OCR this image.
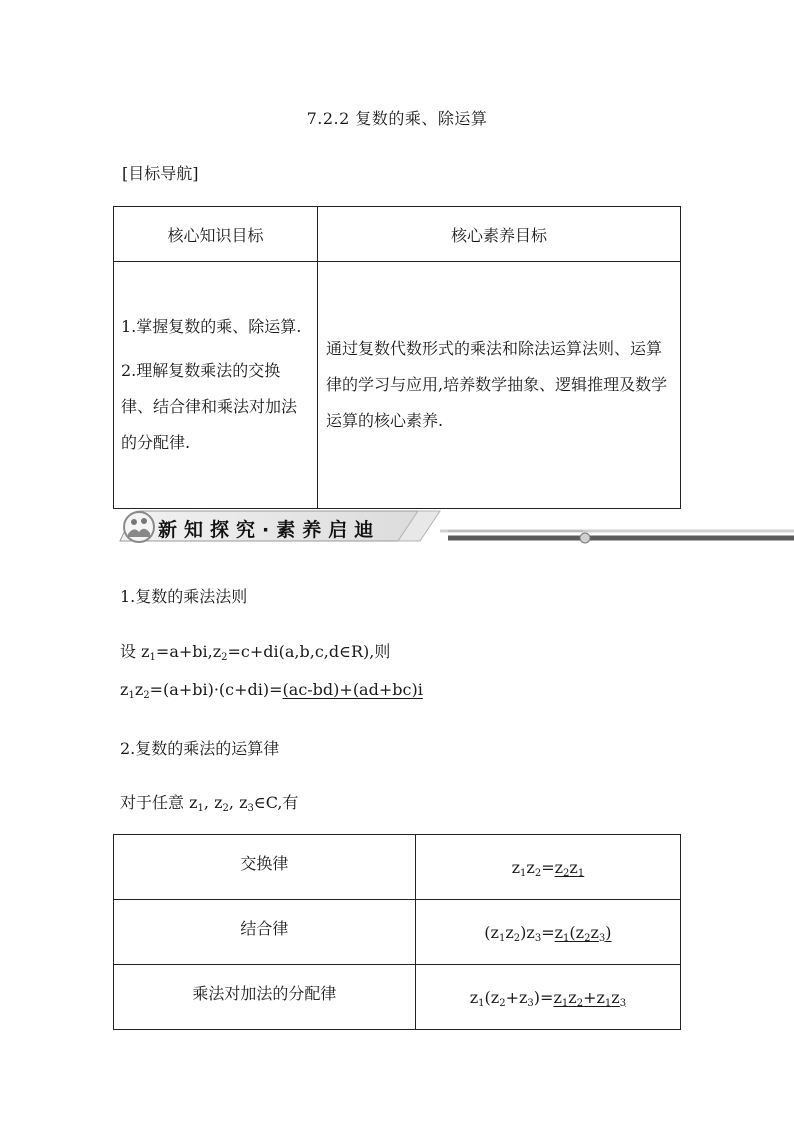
7.2.2 复数的乘、除运算
[目标导航]
核心知识目标	核心素养目标

1.掌握复数的乘、除运算.

2.理解复数乘法的交换律、结合律和乘法对加法的分配律.	通过复数代数形式的乘法和除法运算法则、运算律的学习与应用,培养数学抽象、逻辑推理及数学运算的核心素养.
新知探究·素养启迪
1.复数的乘法法则
设 $z_1=a+bi,z_2=c+di(a,b,c,d\in R)$,则
$z_1z_2=(a+bi)\cdot(c+di)=(ac-bd)+(ad+bc)i$
2.复数的乘法的运算律
对于任意 $z_1$, $z_2$, $z_3\in C$,有
交换律	$z_1z_2=z_2z_1$
结合律	$(z_1z_2)z_3=z_1(z_2z_3)$
乘法对加法的分配律	$z_1(z_2+z_3)=z_1z_2+z_1z_3$
